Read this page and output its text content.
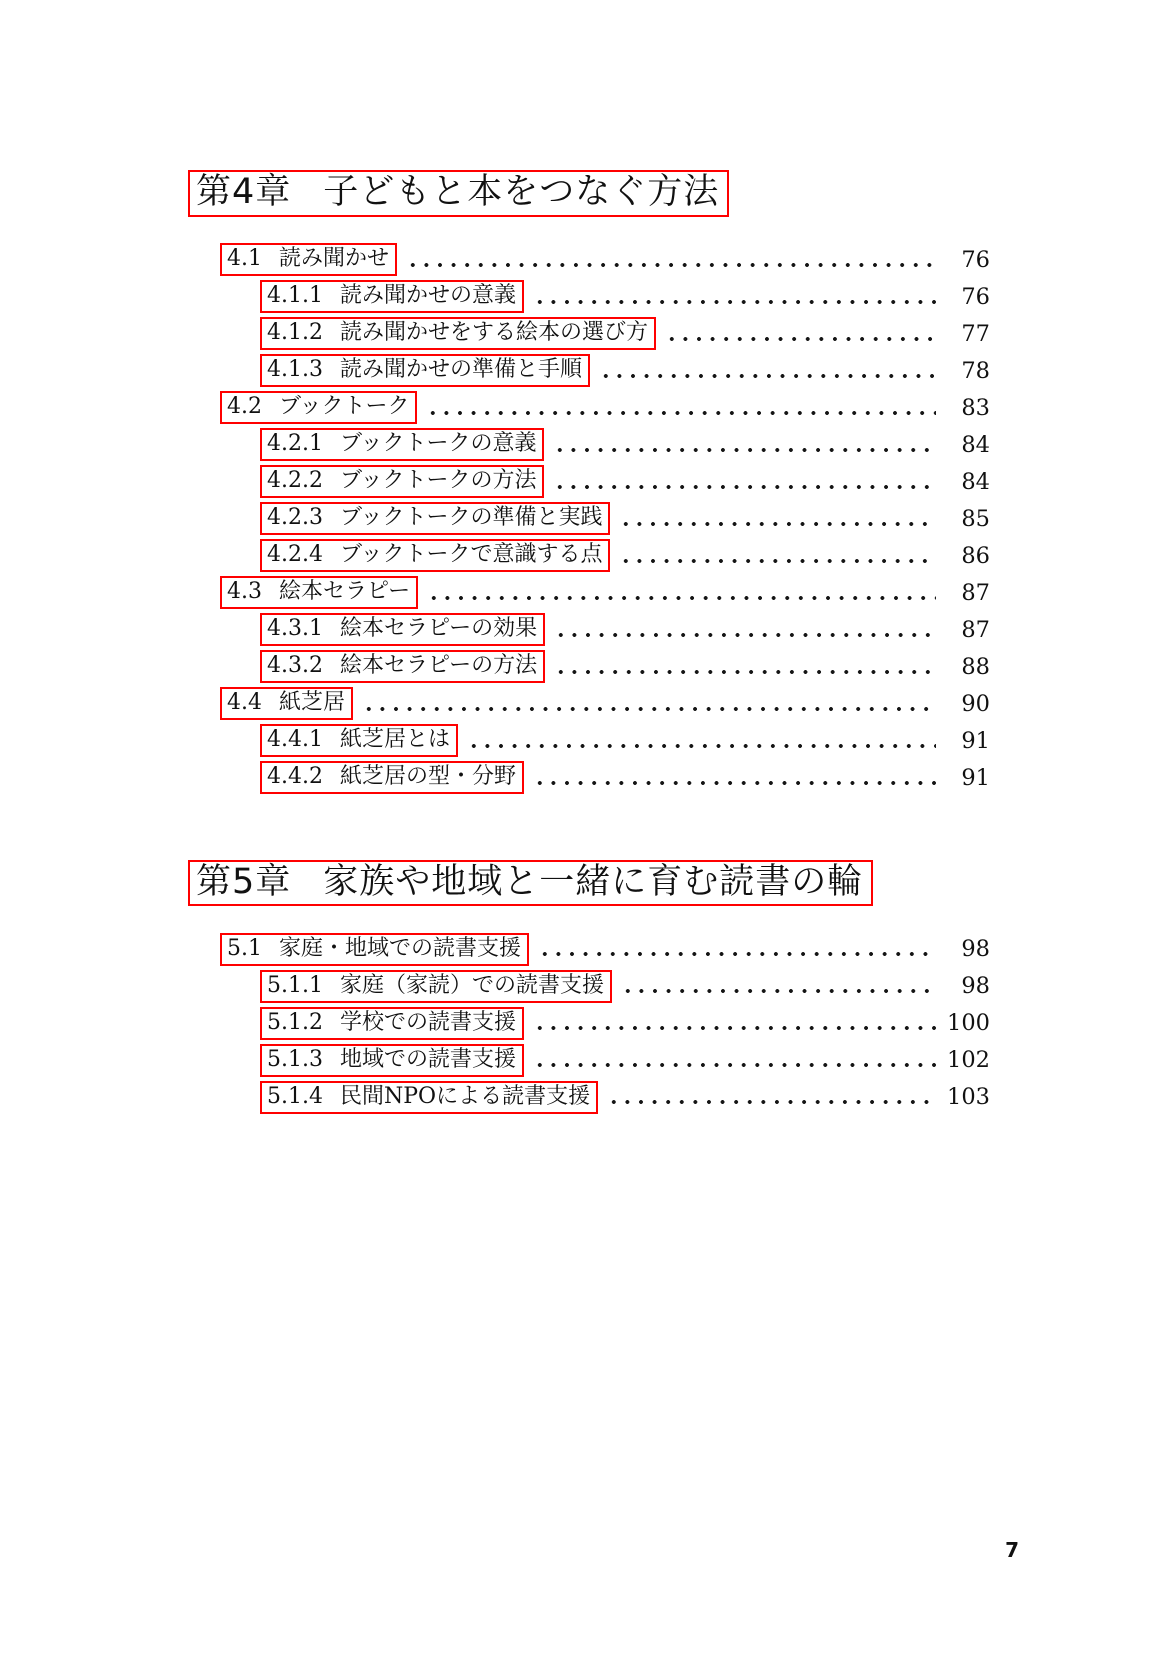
第4章 子どもと本をつなぐ方法
4.1 読み聞かせ	76
4.1.1 読み聞かせの意義	76
4.1.2 読み聞かせをする絵本の選び方	77
4.1.3 読み聞かせの準備と手順	78
4.2 ブックトーク	83
4.2.1 ブックトークの意義	84
4.2.2 ブックトークの方法	84
4.2.3 ブックトークの準備と実践	85
4.2.4 ブックトークで意識する点	86
4.3 絵本セラピー	87
4.3.1 絵本セラピーの効果	87
4.3.2 絵本セラピーの方法	88
4.4 紙芝居	90
4.4.1 紙芝居とは	91
4.4.2 紙芝居の型・分野	91
第5章 家族や地域と一緒に育む読書の輪
5.1 家庭・地域での読書支援	98
5.1.1 家庭（家読）での読書支援	98
5.1.2 学校での読書支援	100
5.1.3 地域での読書支援	102
5.1.4 民間NPOによる読書支援	103
7
